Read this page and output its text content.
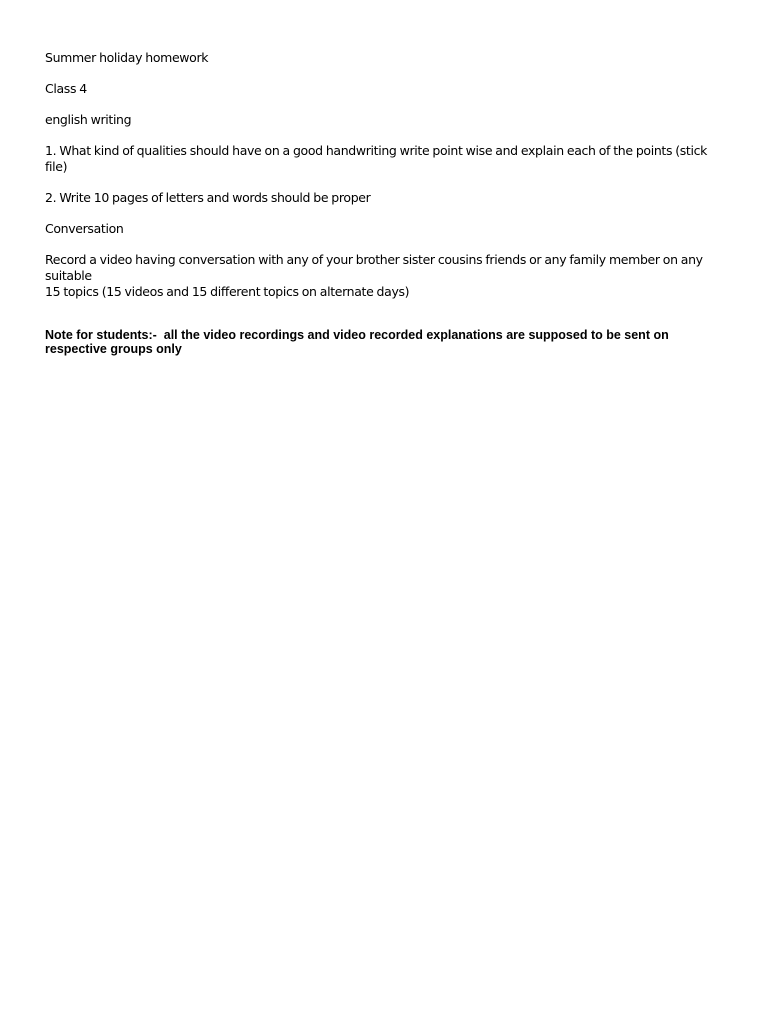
Summer holiday homework

Class 4

english writing

1. What kind of qualities should have on a good handwriting write point wise and explain each of the points (stick file)

2. Write 10 pages of letters and words should be proper

Conversation

Record a video having conversation with any of your brother sister cousins friends or any family member on any suitable
15 topics (15 videos and 15 different topics on alternate days)
Note for students:-  all the video recordings and video recorded explanations are supposed to be sent on
respective groups only
